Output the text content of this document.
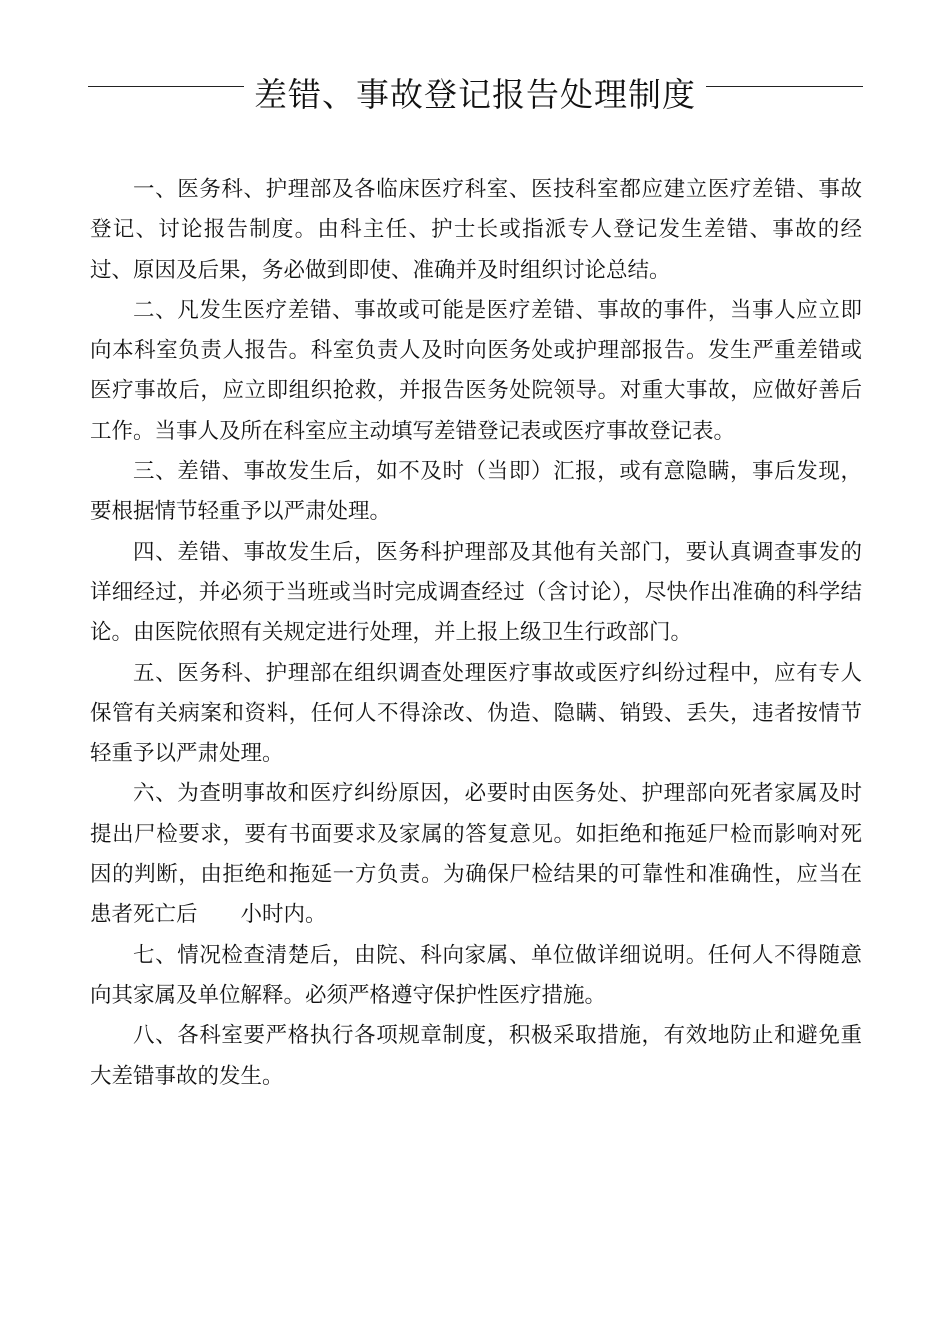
差错、事故登记报告处理制度

一、医务科、护理部及各临床医疗科室、医技科室都应建立医疗差错、事故登记、讨论报告制度。由科主任、护士长或指派专人登记发生差错、事故的经过、原因及后果，务必做到即使、准确并及时组织讨论总结。

二、凡发生医疗差错、事故或可能是医疗差错、事故的事件，当事人应立即向本科室负责人报告。科室负责人及时向医务处或护理部报告。发生严重差错或医疗事故后，应立即组织抢救，并报告医务处院领导。对重大事故，应做好善后工作。当事人及所在科室应主动填写差错登记表或医疗事故登记表。

三、差错、事故发生后，如不及时（当即）汇报，或有意隐瞒，事后发现，要根据情节轻重予以严肃处理。

四、差错、事故发生后，医务科护理部及其他有关部门，要认真调查事发的详细经过，并必须于当班或当时完成调查经过（含讨论），尽快作出准确的科学结论。由医院依照有关规定进行处理，并上报上级卫生行政部门。

五、医务科、护理部在组织调查处理医疗事故或医疗纠纷过程中，应有专人保管有关病案和资料，任何人不得涂改、伪造、隐瞒、销毁、丢失，违者按情节轻重予以严肃处理。

六、为查明事故和医疗纠纷原因，必要时由医务处、护理部向死者家属及时提出尸检要求，要有书面要求及家属的答复意见。如拒绝和拖延尸检而影响对死因的判断，由拒绝和拖延一方负责。为确保尸检结果的可靠性和准确性，应当在患者死亡后　　小时内。

七、情况检查清楚后，由院、科向家属、单位做详细说明。任何人不得随意向其家属及单位解释。必须严格遵守保护性医疗措施。

八、各科室要严格执行各项规章制度，积极采取措施，有效地防止和避免重大差错事故的发生。
